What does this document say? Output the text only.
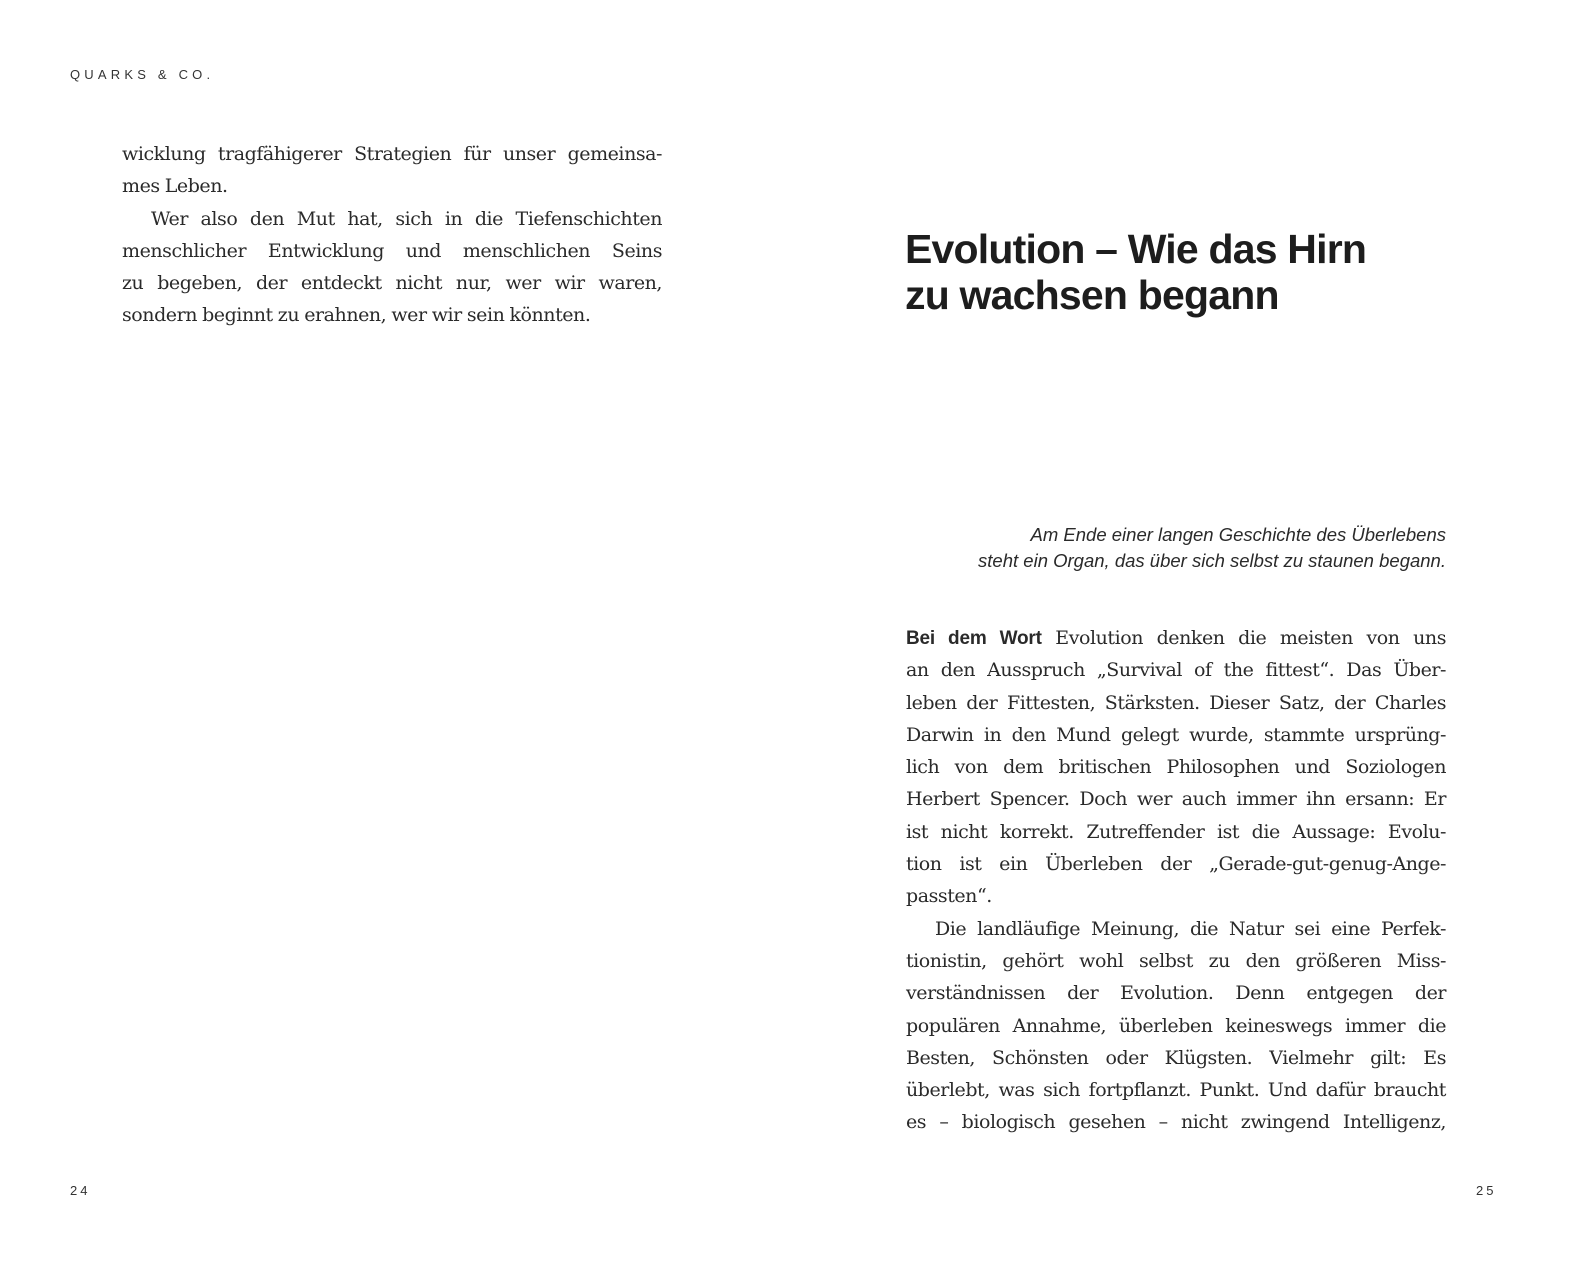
QUARKS & CO.
wicklung tragfähigerer Strategien für unser gemeinsa-
mes Leben.
Wer also den Mut hat, sich in die Tiefenschichten
menschlicher Entwicklung und menschlichen Seins
zu begeben, der entdeckt nicht nur, wer wir waren,
sondern beginnt zu erahnen, wer wir sein könnten.
24
Evolution – Wie das Hirn
zu wachsen begann
Am Ende einer langen Geschichte des Überlebens
steht ein Organ, das über sich selbst zu staunen begann.
Bei dem Wort Evolution denken die meisten von uns
an den Ausspruch „Survival of the fittest“. Das Über-
leben der Fittesten, Stärksten. Dieser Satz, der Charles
Darwin in den Mund gelegt wurde, stammte ursprüng-
lich von dem britischen Philosophen und Soziologen
Herbert Spencer. Doch wer auch immer ihn ersann: Er
ist nicht korrekt. Zutreffender ist die Aussage: Evolu-
tion ist ein Überleben der „Gerade-gut-genug-Ange-
passten“.
Die landläufige Meinung, die Natur sei eine Perfek-
tionistin, gehört wohl selbst zu den größeren Miss-
verständnissen der Evolution. Denn entgegen der
populären Annahme, überleben keineswegs immer die
Besten, Schönsten oder Klügsten. Vielmehr gilt: Es
überlebt, was sich fortpflanzt. Punkt. Und dafür braucht
es – biologisch gesehen – nicht zwingend Intelligenz,
25
